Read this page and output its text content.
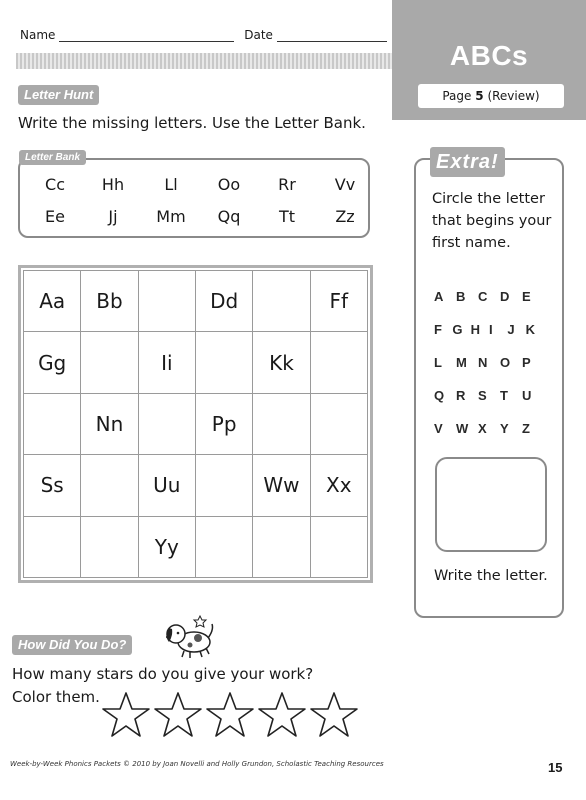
Name	Date
ABCs
Page 5 (Review)
Letter Hunt
Write the missing letters. Use the Letter Bank.
Cc	Hh	Ll	Oo	Rr	Vv
Ee	Jj	Mm	Qq	Tt	Zz
Letter Bank
Aa	Bb		Dd		Ff
Gg		Ii		Kk	
	Nn		Pp		
Ss		Uu		Ww	Xx
		Yy			
Extra!
Circle the letter that begins your first name.
A B C D E
F G H I	J K
L	M N O P
Q R S	T	U
V	W X	Y	Z
Write the letter.
How Did You Do?
How many stars do you give your work?
Color them.
Week-by-Week Phonics Packets © 2010 by Joan Novelli and Holly Grundon, Scholastic Teaching Resources	15
